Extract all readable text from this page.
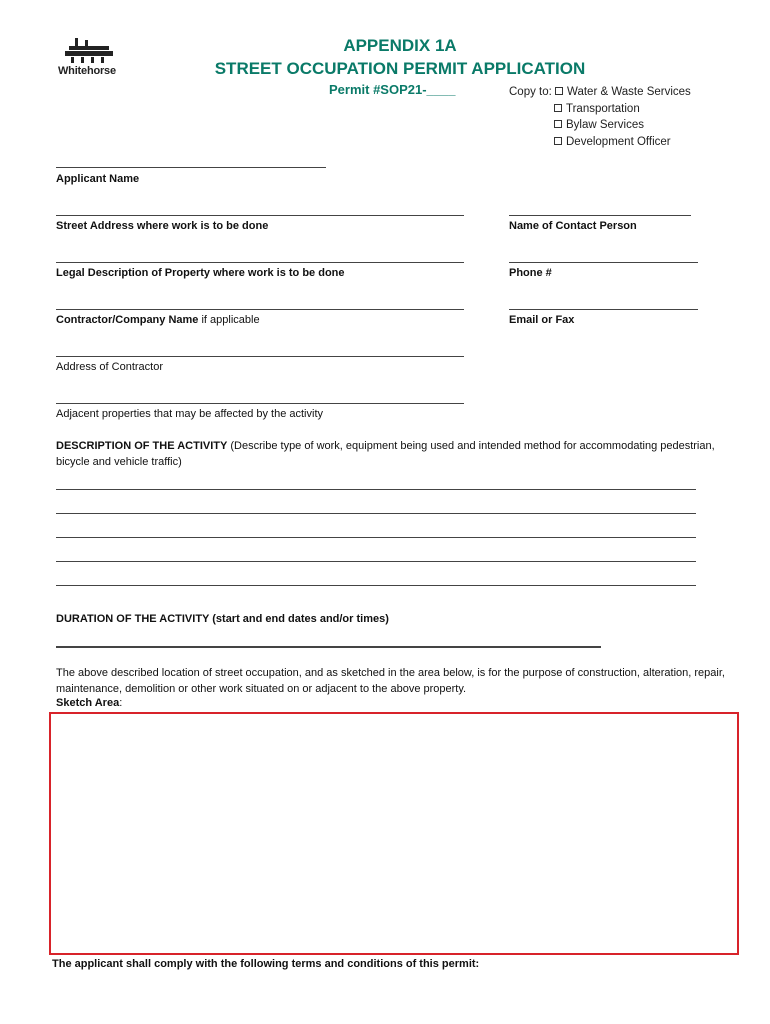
Whitehorse
APPENDIX 1A
STREET OCCUPATION PERMIT APPLICATION
Permit #SOP21-____	Copy to: Water & Waste Services
Transportation
Bylaw Services
Development Officer
Applicant Name
Street Address where work is to be done	Name of Contact Person
Legal Description of Property where work is to be done	Phone #
Contractor/Company Name if applicable	Email or Fax
Address of Contractor
Adjacent properties that may be affected by the activity
DESCRIPTION OF THE ACTIVITY (Describe type of work, equipment being used and intended method for accommodating pedestrian, bicycle and vehicle traffic)
DURATION OF THE ACTIVITY (start and end dates and/or times)
The above described location of street occupation, and as sketched in the area below, is for the purpose of construction, alteration, repair, maintenance, demolition or other work situated on or adjacent to the above property.
Sketch Area:
The applicant shall comply with the following terms and conditions of this permit:
